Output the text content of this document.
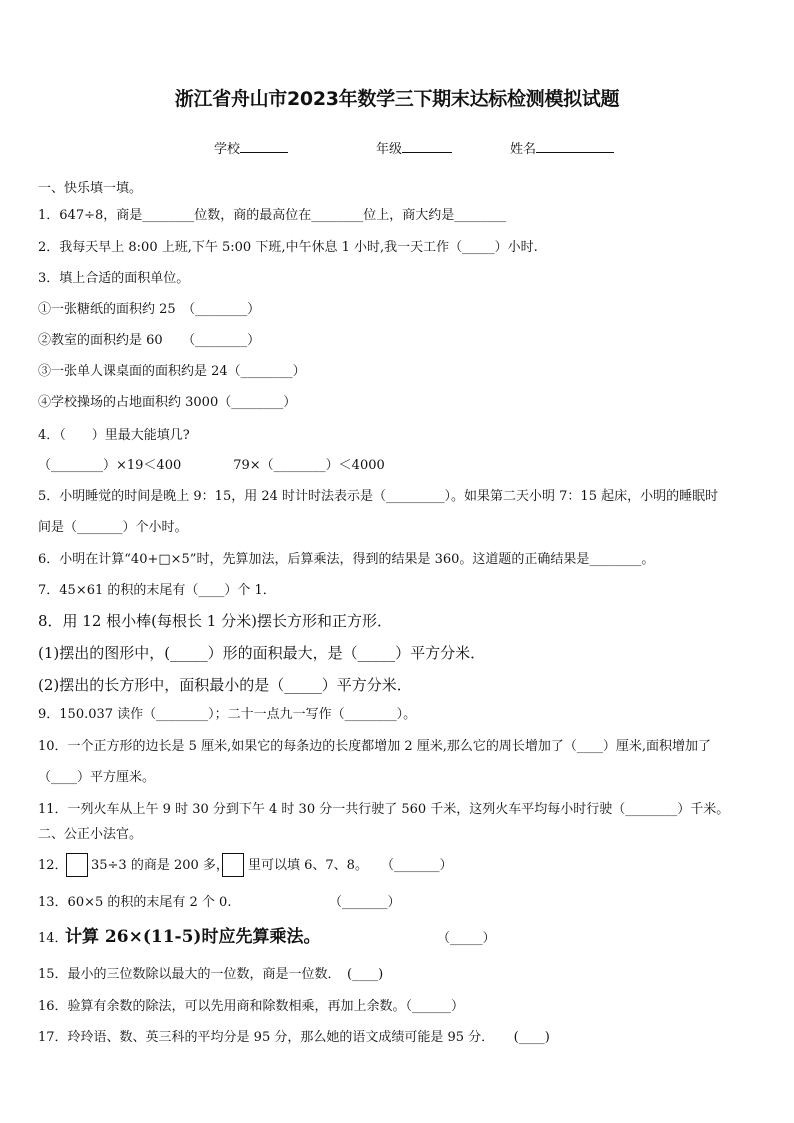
浙江省舟山市2023年数学三下期末达标检测模拟试题
学校	年级	姓名
一、快乐填一填。
1．647÷8，商是________位数，商的最高位在________位上，商大约是________
2．我每天早上 8:00 上班,下午 5:00 下班,中午休息 1 小时,我一天工作（_____）小时.
3．填上合适的面积单位。
①一张糖纸的面积约 25　（________）
②教室的面积约是 60　　（________）
③一张单人课桌面的面积约是 24（________）
④学校操场的占地面积约 3000（________）
4．（　　）里最大能填几?
（________）×19＜400　　　　79×（________）＜4000
5．小明睡觉的时间是晚上 9：15，用 24 时计时法表示是（_________）。如果第二天小明 7：15 起床，小明的睡眠时
间是（_______）个小时。
6．小明在计算“40+□×5”时，先算加法，后算乘法，得到的结果是 360。这道题的正确结果是________。
7．45×61 的积的末尾有（____）个 1．
8．用 12 根小棒(每根长 1 分米)摆长方形和正方形．
(1)摆出的图形中，(_____）形的面积最大，是（_____）平方分米．
(2)摆出的长方形中，面积最小的是（_____）平方分米．
9．150.037 读作（________）；二十一点九一写作（________）。
10．一个正方形的边长是 5 厘米,如果它的每条边的长度都增加 2 厘米,那么它的周长增加了（____）厘米,面积增加了
（____）平方厘米。
11．一列火车从上午 9 时 30 分到下午 4 时 30 分一共行驶了 560 千米，这列火车平均每小时行驶（________）千米。
二、公正小法官。
12． 35÷3 的商是 200 多， 里可以填 6、7、8。　　（_______）
13．60×5 的积的末尾有 2 个 0.　　　　　　　　（_______）
14．
计算 26×(11-5)时应先算乘法。	（_____）
15．最小的三位数除以最大的一位数，商是一位数．　(____)
16．验算有余数的除法，可以先用商和除数相乘，再加上余数。（______）
17．玲玲语、数、英三科的平均分是 95 分，那么她的语文成绩可能是 95 分．　　(____)
